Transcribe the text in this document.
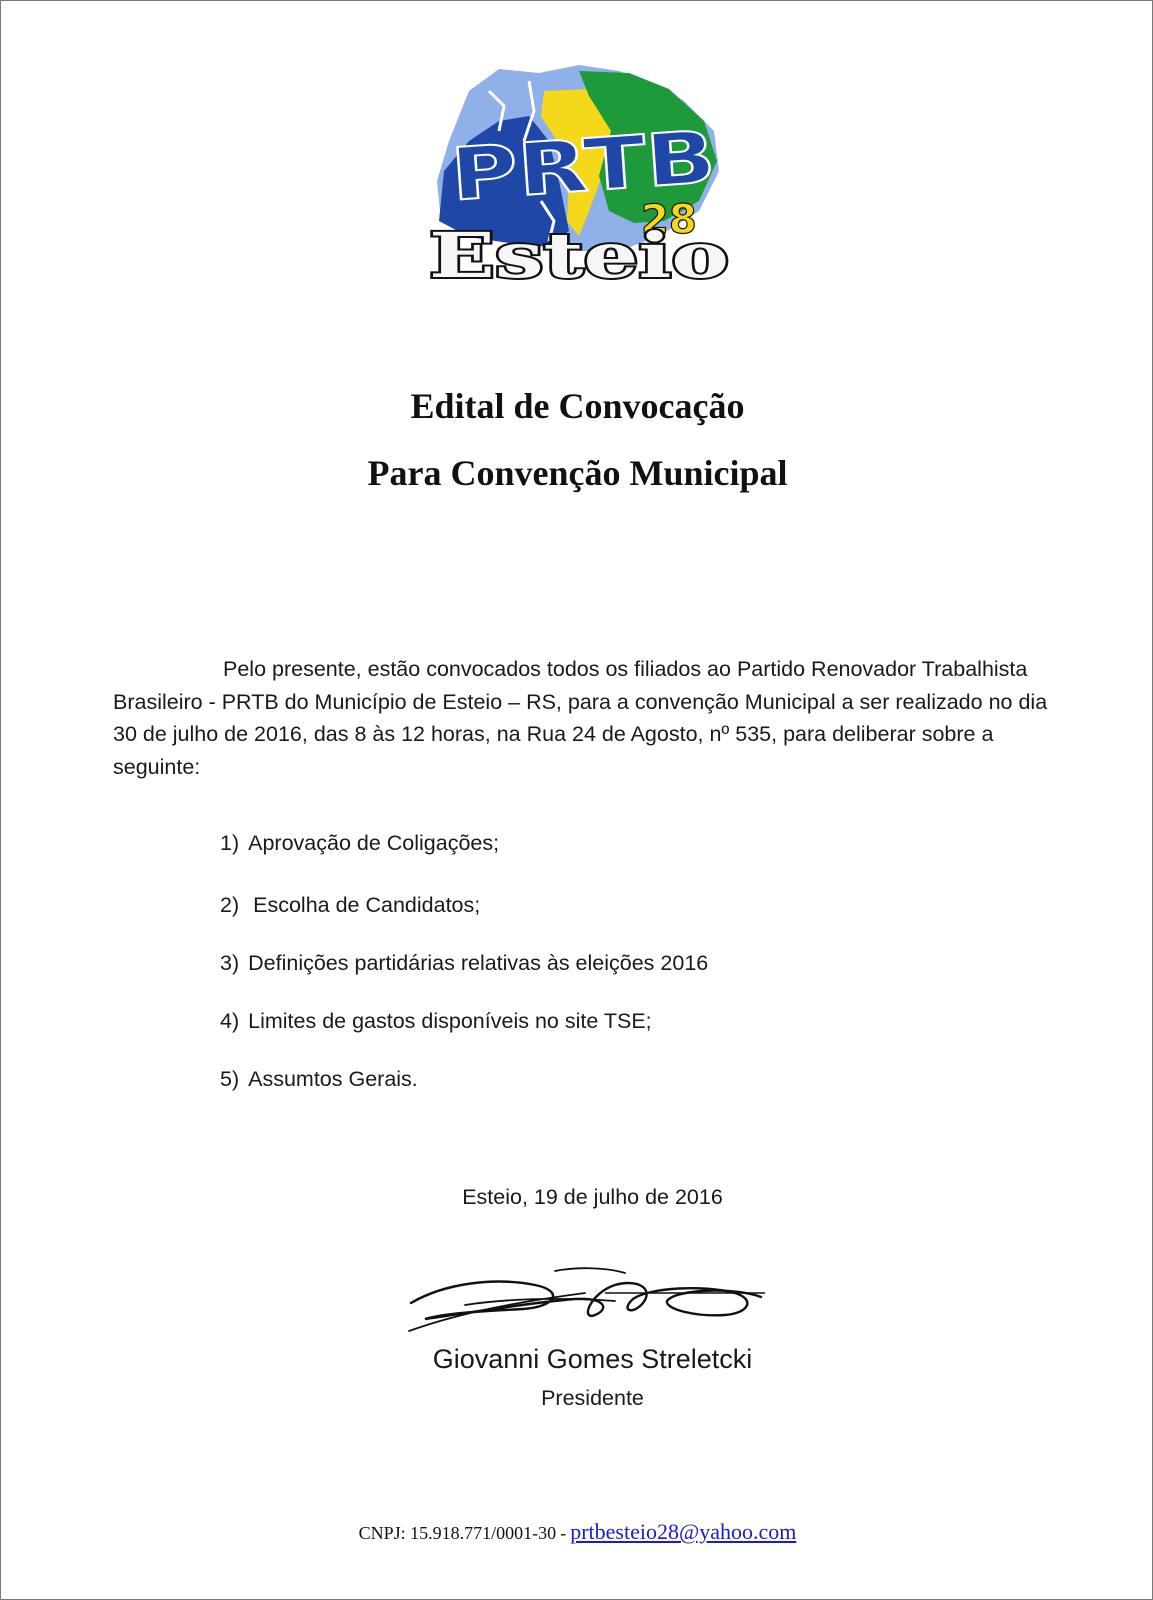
PRTB
28
Esteio
Edital de Convocação
Para Convenção Municipal
Pelo presente, estão convocados todos os filiados ao Partido Renovador Trabalhista Brasileiro - PRTB do Município de Esteio – RS, para a convenção Municipal a ser realizado no dia 30 de julho de 2016, das 8 às 12 horas, na Rua 24 de Agosto, nº 535, para deliberar sobre a seguinte:
1) Aprovação de Coligações;
2) Escolha de Candidatos;
3) Definições partidárias relativas às eleições 2016
4) Limites de gastos disponíveis no site TSE;
5) Assumtos Gerais.
Esteio, 19 de julho de 2016
Giovanni Gomes Streletcki
Presidente
CNPJ: 15.918.771/0001-30 - prtbesteio28@yahoo.com
